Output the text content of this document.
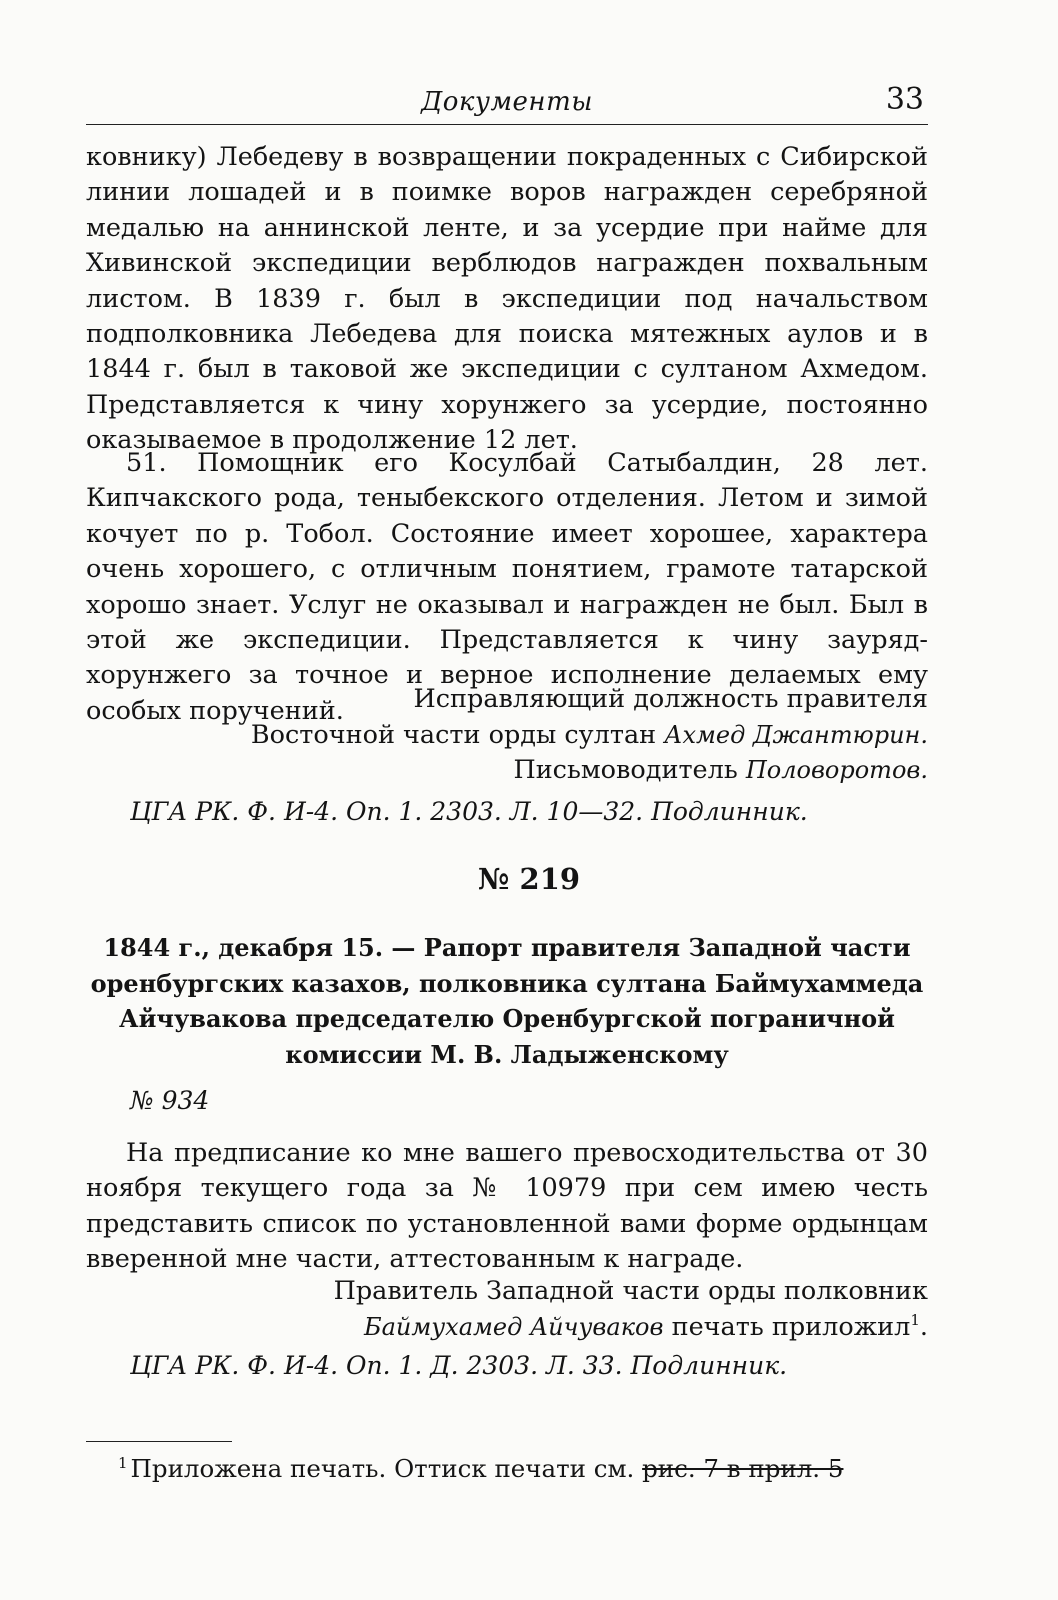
Документы	33

ковнику) Лебедеву в возвращении покраденных с Сибирской линии лошадей и в поимке воров награжден серебряной медалью на аннинской ленте, и за усердие при найме для Хивинской экспедиции верблюдов награжден похвальным листом. В 1839 г. был в экспедиции под начальством подполковника Лебедева для поиска мятежных аулов и в 1844 г. был в таковой же экспедиции с султаном Ахмедом. Представляется к чину хорунжего за усердие, постоянно оказываемое в продолжение 12 лет.

51. Помощник его Косулбай Сатыбалдин, 28 лет. Кипчакского рода, теныбекского отделения. Летом и зимой кочует по р. Тобол. Состояние имеет хорошее, характера очень хорошего, с отличным понятием, грамоте татарской хорошо знает. Услуг не оказывал и награжден не был. Был в этой же экспедиции. Представляется к чину зауряд-хорунжего за точное и верное исполнение делаемых ему особых поручений.	Исправляющий должность правителя
Восточной части орды султан Ахмед Джантюрин.
Письмоводитель Половоротов.
ЦГА РК. Ф. И-4. Оп. 1. 2303. Л. 10—32. Подлинник.
№ 219

1844 г., декабря 15. — Рапорт правителя Западной части оренбургских казахов, полковника султана Баймухаммеда Айчувакова председателю Оренбургской пограничной комиссии М. В. Ладыженскому

№ 934

На предписание ко мне вашего превосходительства от 30 ноября текущего года за № 10979 при сем имею честь представить список по установленной вами форме ордынцам вверенной мне части, аттестованным к награде.

Правитель Западной части орды полковник
Баймухамед Айчуваков печать приложил$^1$.
ЦГА РК. Ф. И-4. Оп. 1. Д. 2303. Л. 33. Подлинник.
$^1$ Приложена печать. Оттиск печати см. рис. 7 в прил. 5
